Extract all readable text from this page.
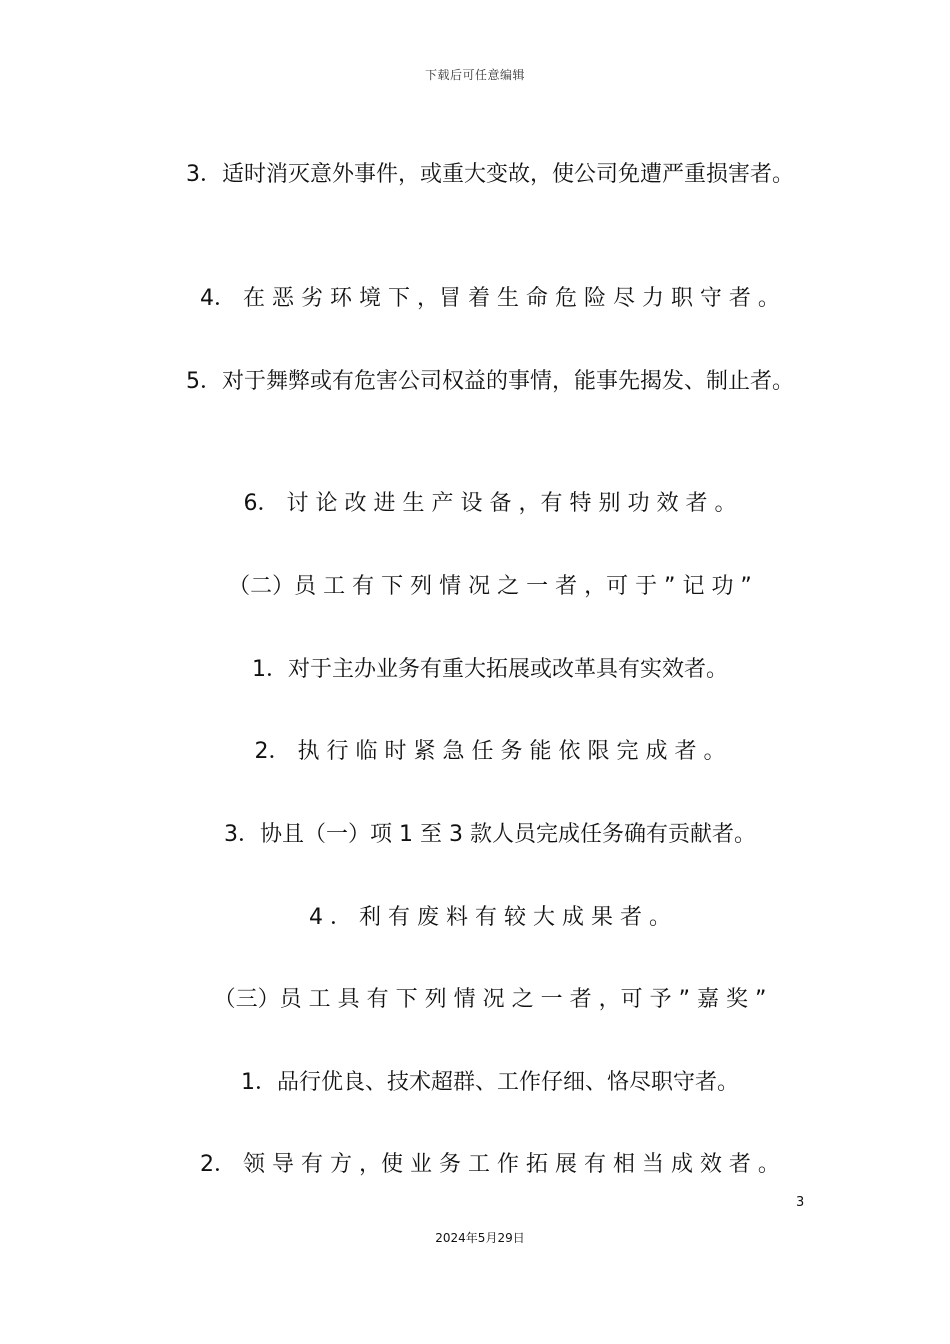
下载后可任意编辑
3．适时消灭意外事件，或重大变故，使公司免遭严重损害者。
4． 在 恶 劣 环 境 下 ，冒 着 生 命 危 险 尽 力 职 守 者 。
5．对于舞弊或有危害公司权益的事情，能事先揭发、制止者。
6． 讨 论 改 进 生 产 设 备 ，有 特 别 功 效 者 。
（二）员 工 有 下 列 情 况 之 一 者 ，可 于 ” 记 功 ”
1．对于主办业务有重大拓展或改革具有实效者。
2． 执 行 临 时 紧 急 任 务 能 依 限 完 成 者 。
3．协且（一）项 1 至 3 款人员完成任务确有贡献者。
4 ． 利 有 废 料 有 较 大 成 果 者 。
（三）员 工 具 有 下 列 情 况 之 一 者 ，可 予 ” 嘉 奖 ”
1．品行优良、技术超群、工作仔细、恪尽职守者。
2． 领 导 有 方 ，使 业 务 工 作 拓 展 有 相 当 成 效 者 。
3
2024年5月29日
